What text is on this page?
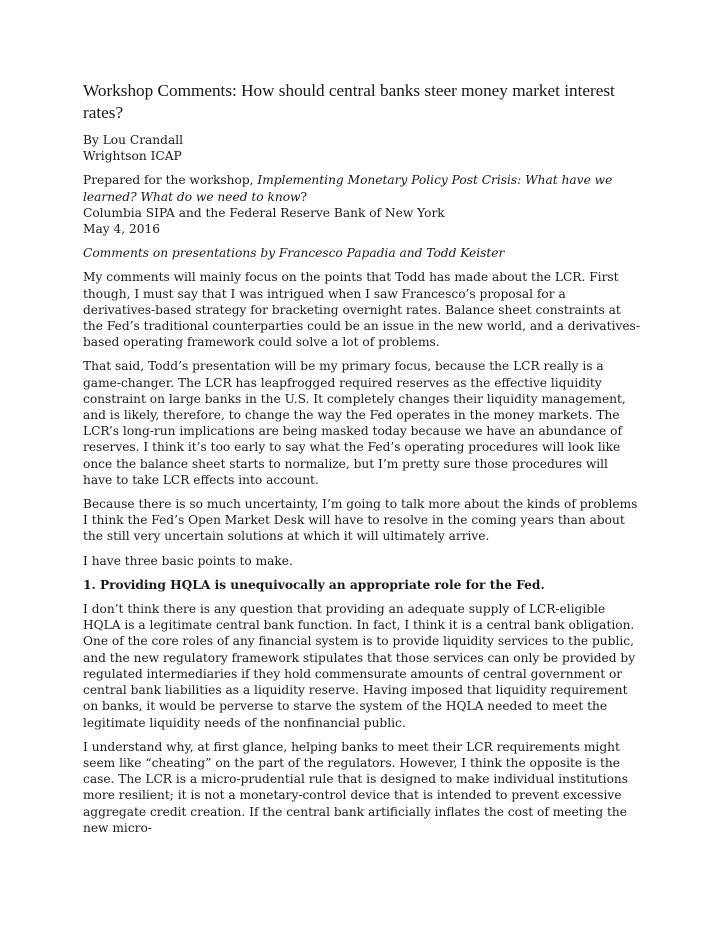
Workshop Comments: How should central banks steer money market interest rates?

By Lou Crandall
Wrightson ICAP

Prepared for the workshop, Implementing Monetary Policy Post Crisis: What have we learned? What do we need to know?
Columbia SIPA and the Federal Reserve Bank of New York
May 4, 2016

Comments on presentations by Francesco Papadia and Todd Keister

My comments will mainly focus on the points that Todd has made about the LCR. First though, I must say that I was intrigued when I saw Francesco’s proposal for a derivatives-based strategy for bracketing overnight rates. Balance sheet constraints at the Fed’s traditional counterparties could be an issue in the new world, and a derivatives-based operating framework could solve a lot of problems.

That said, Todd’s presentation will be my primary focus, because the LCR really is a game-changer. The LCR has leapfrogged required reserves as the effective liquidity constraint on large banks in the U.S. It completely changes their liquidity management, and is likely, therefore, to change the way the Fed operates in the money markets. The LCR’s long-run implications are being masked today because we have an abundance of reserves. I think it’s too early to say what the Fed’s operating procedures will look like once the balance sheet starts to normalize, but I’m pretty sure those procedures will have to take LCR effects into account.

Because there is so much uncertainty, I’m going to talk more about the kinds of problems I think the Fed’s Open Market Desk will have to resolve in the coming years than about the still very uncertain solutions at which it will ultimately arrive.

I have three basic points to make.

1. Providing HQLA is unequivocally an appropriate role for the Fed.

I don’t think there is any question that providing an adequate supply of LCR-eligible HQLA is a legitimate central bank function. In fact, I think it is a central bank obligation. One of the core roles of any financial system is to provide liquidity services to the public, and the new regulatory framework stipulates that those services can only be provided by regulated intermediaries if they hold commensurate amounts of central government or central bank liabilities as a liquidity reserve. Having imposed that liquidity requirement on banks, it would be perverse to starve the system of the HQLA needed to meet the legitimate liquidity needs of the nonfinancial public.

I understand why, at first glance, helping banks to meet their LCR requirements might seem like “cheating” on the part of the regulators. However, I think the opposite is the case. The LCR is a micro-prudential rule that is designed to make individual institutions more resilient; it is not a monetary-control device that is intended to prevent excessive aggregate credit creation. If the central bank artificially inflates the cost of meeting the new micro-
